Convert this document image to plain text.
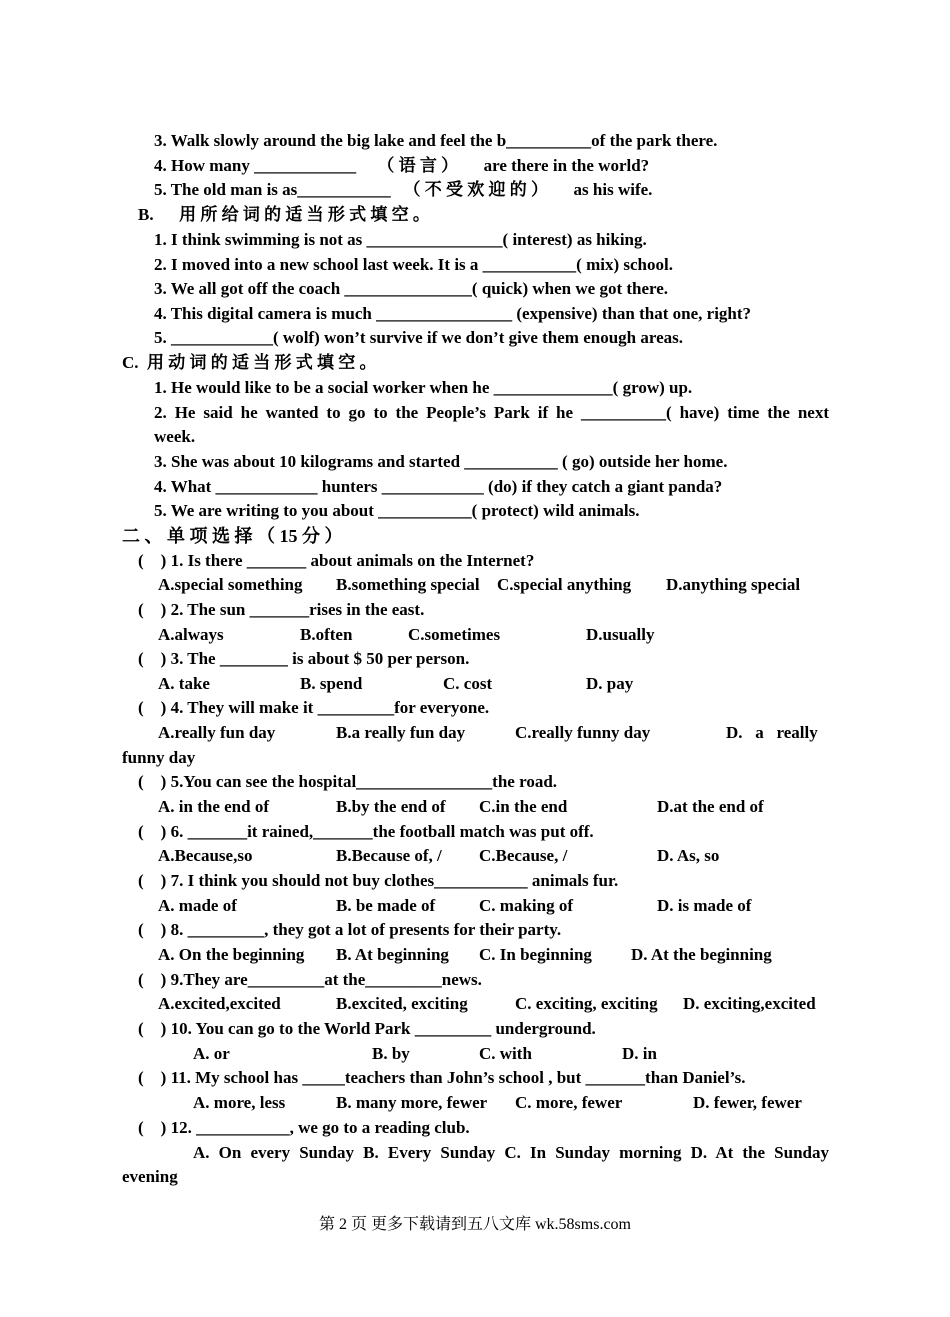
3. Walk slowly around the big lake and feel the b__________of the park there.
4. How many ____________     （ 语 言 ）      are there in the world?
5. The old man is as___________   （ 不 受 欢 迎 的 ）      as his wife.
B.      用 所 给 词 的 适 当 形 式 填 空 。
1. I think swimming is not as ________________( interest) as hiking.
2. I moved into a new school last week. It is a ___________( mix) school.
3. We all got off the coach _______________( quick) when we got there.
4. This digital camera is much ________________ (expensive) than that one, right?
5. ____________( wolf) won’t survive if we don’t give them enough areas.
C.  用 动 词 的 适 当 形 式 填 空 。
1. He would like to be a social worker when he ______________( grow) up.
2. He said he wanted to go to the People’s Park if he __________( have) time the next
week.
3. She was about 10 kilograms and started ___________ ( go) outside her home.
4. What ____________ hunters ____________ (do) if they catch a giant panda?
5. We are writing to you about ___________( protect) wild animals.
二 、 单 项 选 择 （ 15 分 ）
(    ) 1. Is there _______ about animals on the Internet?
A.special something B.something special C.special anything D.anything special
(    ) 2. The sun _______rises in the east.
A.always	B.often	C.sometimes	D.usually
(    ) 3. The ________ is about $ 50 per person.
A. take	B. spend	C. cost	D. pay
(    ) 4. They will make it _________for everyone.
A.really fun day	B.a really fun day	C.really funny day	D.   a   really
funny day
(    ) 5.You can see the hospital________________the road.
A. in the end of	B.by the end of C.in the end	D.at the end of
(    ) 6. _______it rained,_______the football match was put off.
A.Because,so	B.Because of, / C.Because, /	D. As, so
(    ) 7. I think you should not buy clothes___________ animals fur.
A. made of	B. be made of	C. making of	D. is made of
(    ) 8. _________, they got a lot of presents for their party.
A. On the beginning B. At beginning C. In beginning D. At the beginning
(    ) 9.They are_________at the_________news.
A.excited,excited	B.excited, exciting	C. exciting, exciting D. exciting,excited
(    ) 10. You can go to the World Park _________ underground.
A. or	B. by	C. with	D. in
(    ) 11. My school has _____teachers than John’s school , but _______than Daniel’s.
A. more, less	B. many more, fewer C. more, fewer	D. fewer, fewer
(    ) 12. ___________, we go to a reading club.
A. On every Sunday B. Every Sunday C. In Sunday morning D. At the Sunday
evening
第 2 页 更多下载请到五八文库 wk.58sms.com
